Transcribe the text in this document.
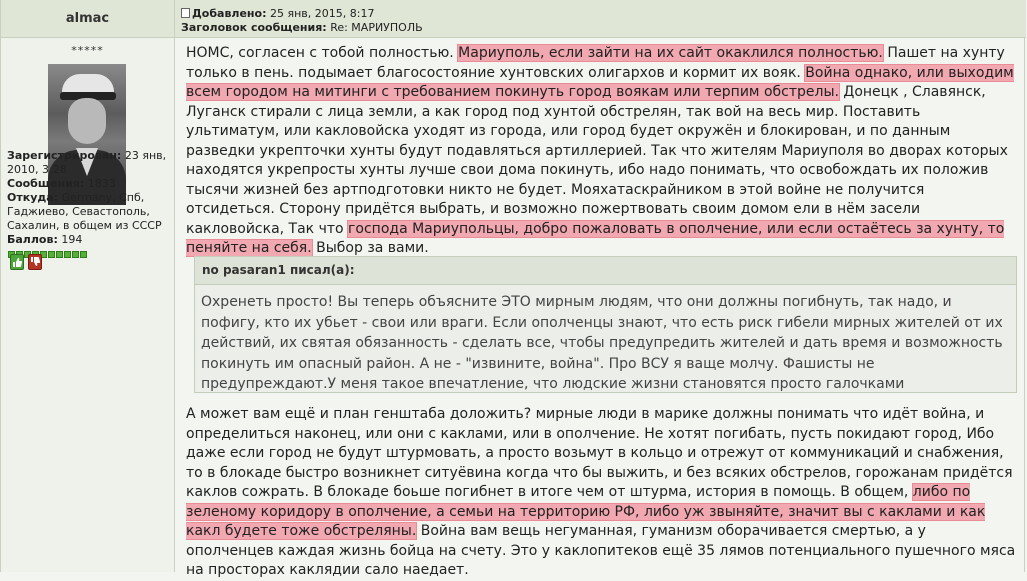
almac
*****

Зарегистрирован: 23 янв, 2010, 3:28

Сообщения: 1833

Откуда: Germany, Спб, Гаджиево, Севастополь, Сахалин, в общем из СССР

Баллов: 194

Добавлено: 25 янв, 2015, 8:17
Заголовок сообщения: Re: МАРИУПОЛЬ

НОМС, согласен с тобой полностью. Мариуполь, если зайти на их сайт окаклился полностью. Пашет на хунту только в пень. подымает благосостояние хунтовских олигархов и кормит их вояк. Война однако, или выходим всем городом на митинги с требованием покинуть город воякам или терпим обстрелы. Донецк , Славянск, Луганск стирали с лица земли, а как город под хунтой обстрелян, так вой на весь мир. Поставить ультиматум, или какловойска уходят из города, или город будет окружён и блокирован, и по данным разведки укрепточки хунты будут подавляться артиллерией. Так что жителям Мариуполя во дворах которых находятся укрепросты хунты лучше свои дома покинуть, ибо надо понимать, что освобождать их положив тысячи жизней без артподготовки никто не будет. Мояхатаскрайником в этой войне не получится отсидеться. Сторону придётся выбрать, и возможно пожертвовать своим домом ели в нём засели какловойска, Так что господа Мариупольцы, добро пожаловать в ополчение, или если остаётесь за хунту, то пеняйте на себя. Выбор за вами.

no pasaran1 писал(а):
Охренеть просто! Вы теперь объясните ЭТО мирным людям, что они должны погибнуть, так надо, и пофигу, кто их убьет - свои или враги. Если ополченцы знают, что есть риск гибели мирных жителей от их действий, их святая обязанность - сделать все, чтобы предупредить жителей и дать время и возможность покинуть им опасный район. А не - "извините, война". Про ВСУ я ваще молчу. Фашисты не предупреждают.У меня такое впечатление, что людские жизни становятся просто галочками

А может вам ещё и план генштаба доложить? мирные люди в марике должны понимать что идёт война, и определиться наконец, или они с каклами, или в ополчение. Не хотят погибать, пусть покидают город, Ибо даже если город не будут штурмовать, а просто возьмут в кольцо и отрежут от коммуникаций и снабжения, то в блокаде быстро возникнет ситуёвина когда что бы выжить, и без всяких обстрелов, горожанам придётся каклов сожрать. В блокаде боьше погибнет в итоге чем от штурма, история в помощь. В общем, либо по зеленому коридору в ополчение, а семьи на территорию РФ, либо уж звыняйте, значит вы с каклами и как какл будете тоже обстреляны. Война вам вещь негуманная, гуманизм оборачивается смертью, а у ополченцев каждая жизнь бойца на счету. Это у каклопитеков ещё 35 лямов потенциального пушечного мяса на просторах каклядии сало наедает.
